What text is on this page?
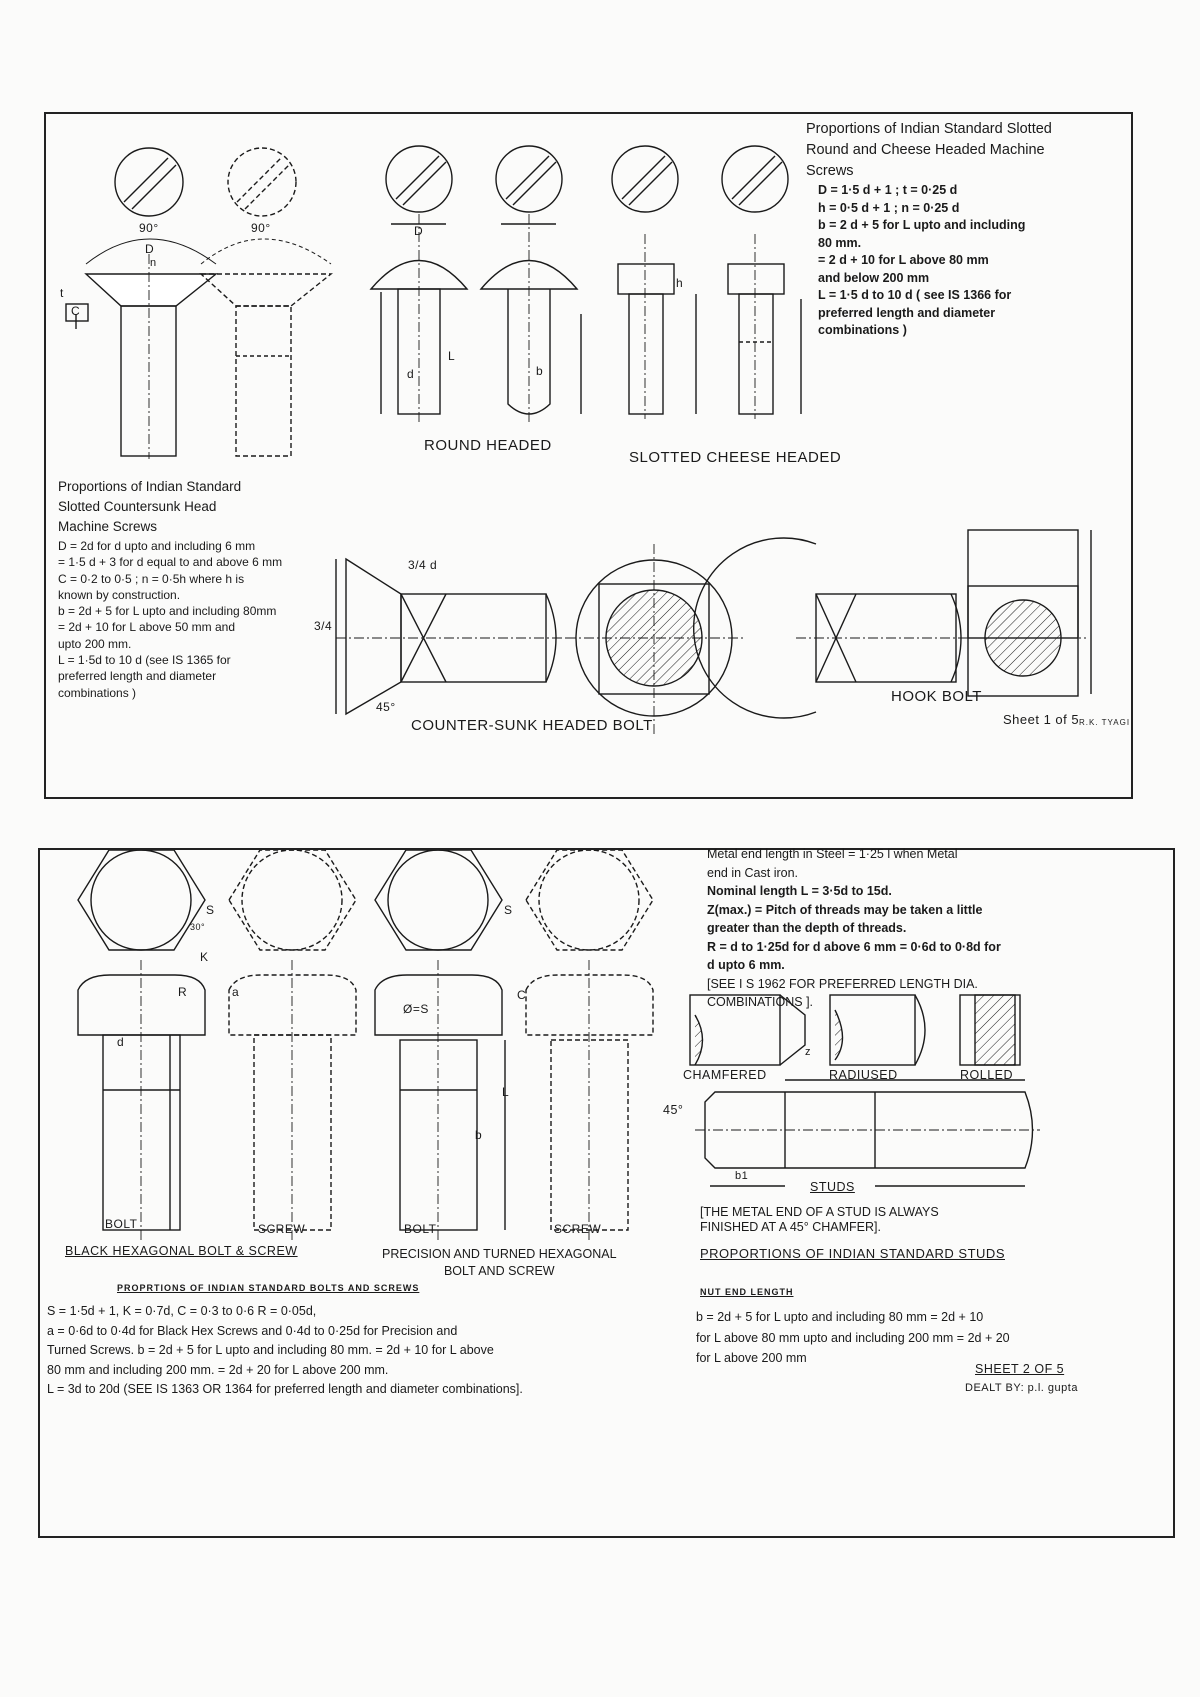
Proportions of Indian Standard Slotted
Round and Cheese Headed Machine
Screws
D = 1·5 d + 1 ; t = 0·25 d
h = 0·5 d + 1 ; n = 0·25 d
b = 2 d + 5 for L upto and including
80 mm.
= 2 d + 10 for L above 80 mm
and below 200 mm
L = 1·5 d to 10 d ( see IS 1366 for
preferred length and diameter
combinations )
Proportions of Indian Standard
Slotted Countersunk Head
Machine Screws
D = 2d for d upto and including 6 mm
= 1·5 d + 3 for d equal to and above 6 mm
C = 0·2 to 0·5 ; n = 0·5h where h is
known by construction.
b = 2d + 5 for L upto and including 80mm
= 2d + 10 for L above 50 mm and
upto 200 mm.
L = 1·5d to 10 d (see IS 1365 for
preferred length and diameter
combinations )
ROUND HEADED
SLOTTED CHEESE HEADED
COUNTER-SUNK HEADED BOLT
HOOK BOLT
Sheet 1 of 5 R.K. TYAGI
90°	90°
45°
D
D
n
t
C
L
d	b
h
3/4 d
3/4
Metal end length in Steel = 1·25 l when Metal
end in Cast iron.
Nominal length L = 3·5d to 15d.
Z(max.) = Pitch of threads may be taken a little
greater than the depth of threads.
R = d to 1·25d for d above 6 mm = 0·6d to 0·8d for
d upto 6 mm.
[SEE I S 1962 FOR PREFERRED LENGTH DIA.
COMBINATIONS ].
CHAMFERED	RADIUSED	ROLLED
STUDS
[THE METAL END OF A STUD IS ALWAYS
FINISHED AT A 45° CHAMFER].
PROPORTIONS OF INDIAN STANDARD STUDS
BOLT	SCREW	BOLT	SCREW
BLACK HEXAGONAL BOLT & SCREW	PRECISION AND TURNED HEXAGONAL
BOLT AND SCREW
S	S
30°
K
R
Ø=S
C
d
L
b
a
z
b1
45°
PROPRTIONS OF INDIAN STANDARD BOLTS AND SCREWS
S = 1·5d + 1, K = 0·7d, C = 0·3 to 0·6 R = 0·05d,
a = 0·6d to 0·4d for Black Hex Screws and 0·4d to 0·25d for Precision and
Turned Screws. b = 2d + 5 for L upto and including 80 mm. = 2d + 10 for L above
80 mm and including 200 mm. = 2d + 20 for L above 200 mm.
L = 3d to 20d (SEE IS 1363 OR 1364 for preferred length and diameter combinations].
NUT END LENGTH
b = 2d + 5 for L upto and including 80 mm = 2d + 10
for L above 80 mm upto and including 200 mm = 2d + 20
for L above 200 mm
SHEET 2 OF 5
DEALT BY: p.l. gupta
